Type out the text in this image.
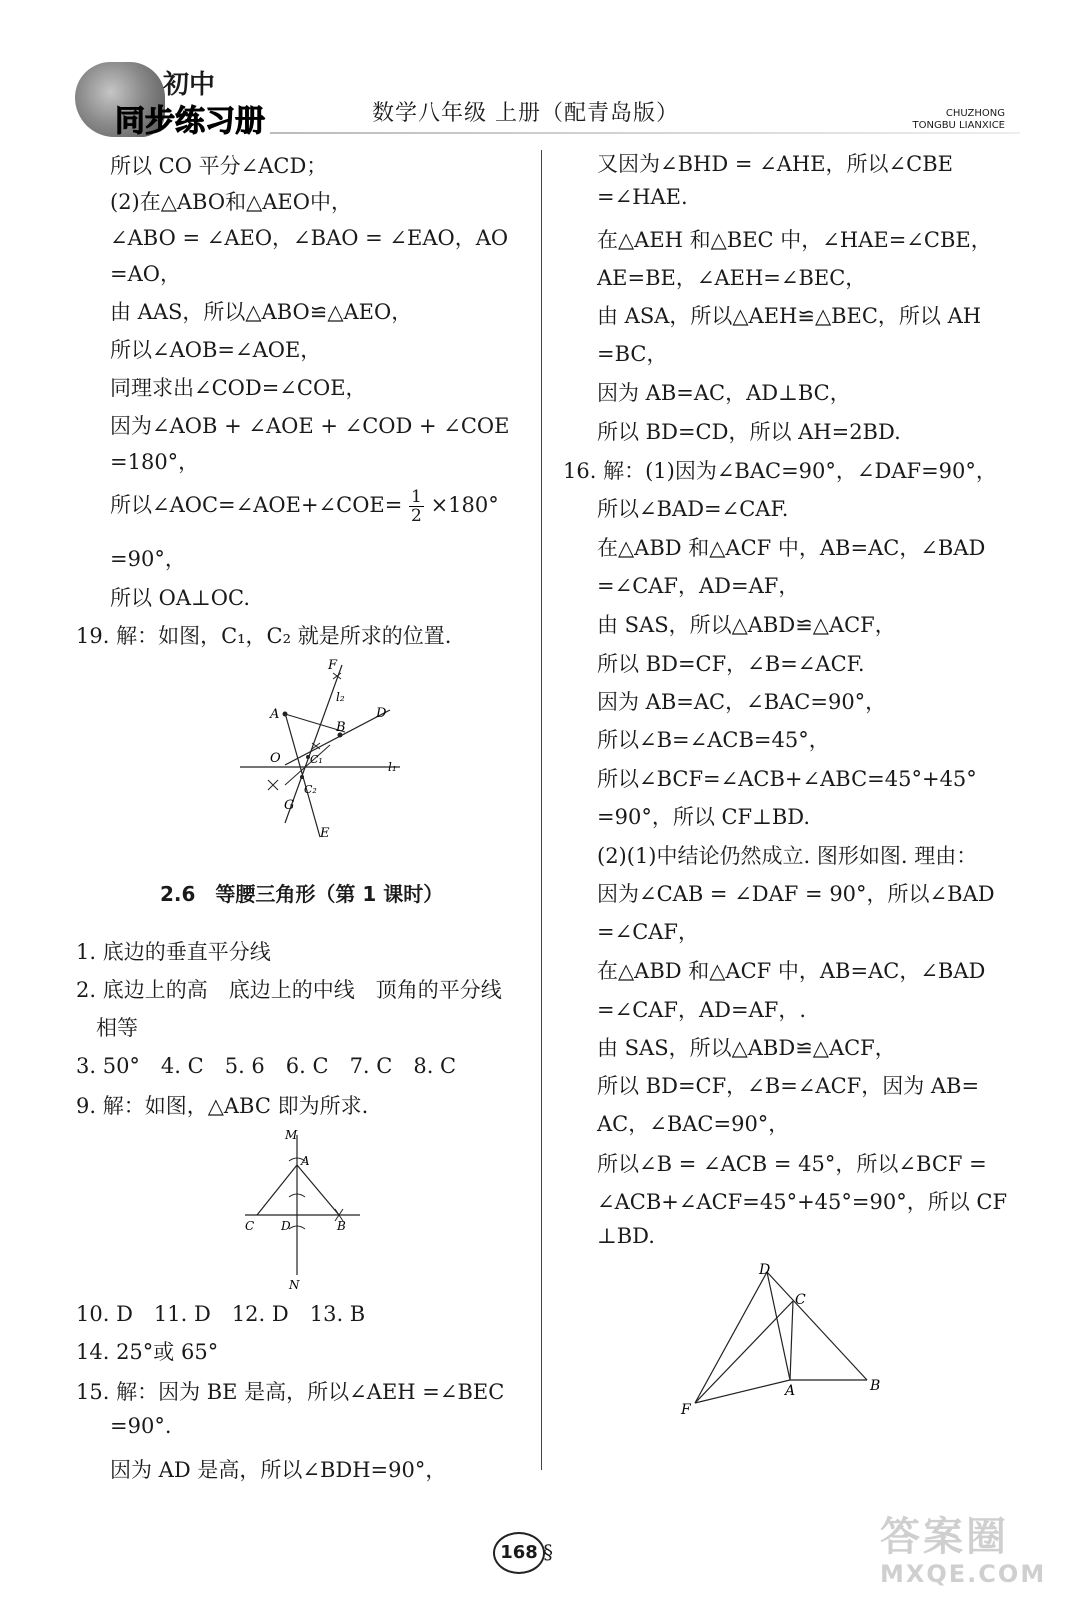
初中
同步练习册	数学八年级 上册（配青岛版）	CHUZHONG
TONGBU LIANXICE
所以 CO 平分∠ACD；
(2)在△ABO和△AEO中，
∠ABO = ∠AEO，∠BAO = ∠EAO，AO
=AO，
由 AAS，所以△ABO≌△AEO，
所以∠AOB=∠AOE，
同理求出∠COD=∠COE，
因为∠AOB + ∠AOE + ∠COD + ∠COE
=180°，
所以∠AOC=∠AOE+∠COE= $\frac{1}{2} \times 180^\circ$
=90°，
所以 OA⊥OC.
19. 解：如图，C₁，C₂ 就是所求的位置.
F
l₂
A
B
D
O	C₁
C₂
l₁
G
E
2.6　等腰三角形（第 1 课时）
1. 底边的垂直平分线
2. 底边上的高　底边上的中线　顶角的平分线
相等
3. 50°　4. C　5. 6　6. C　7. C　8. C
9. 解：如图，△ABC 即为所求.
M
A
C D	B
N
10. D　11. D　12. D　13. B
14. 25°或 65°
15. 解：因为 BE 是高，所以∠AEH =∠BEC
=90°.
因为 AD 是高，所以∠BDH=90°，
又因为∠BHD = ∠AHE，所以∠CBE
=∠HAE.
在△AEH 和△BEC 中，∠HAE=∠CBE，
AE=BE，∠AEH=∠BEC，
由 ASA，所以△AEH≌△BEC，所以 AH
=BC，
因为 AB=AC，AD⊥BC，
所以 BD=CD，所以 AH=2BD.
16. 解：(1)因为∠BAC=90°，∠DAF=90°，
所以∠BAD=∠CAF.
在△ABD 和△ACF 中，AB=AC，∠BAD
=∠CAF，AD=AF，
由 SAS，所以△ABD≌△ACF，
所以 BD=CF，∠B=∠ACF.
因为 AB=AC，∠BAC=90°，
所以∠B=∠ACB=45°，
所以∠BCF=∠ACB+∠ABC=45°+45°
=90°，所以 CF⊥BD.
(2)(1)中结论仍然成立. 图形如图. 理由：
因为∠CAB = ∠DAF = 90°，所以∠BAD
=∠CAF，
在△ABD 和△ACF 中，AB=AC，∠BAD
=∠CAF，AD=AF，.
由 SAS，所以△ABD≌△ACF，
所以 BD=CF，∠B=∠ACF，因为 AB=
AC，∠BAC=90°，
所以∠B = ∠ACB = 45°，所以∠BCF =
∠ACB+∠ACF=45°+45°=90°，所以 CF
⊥BD.
D
C
B
A
F
168 §	答案圈
MXQE.COM
